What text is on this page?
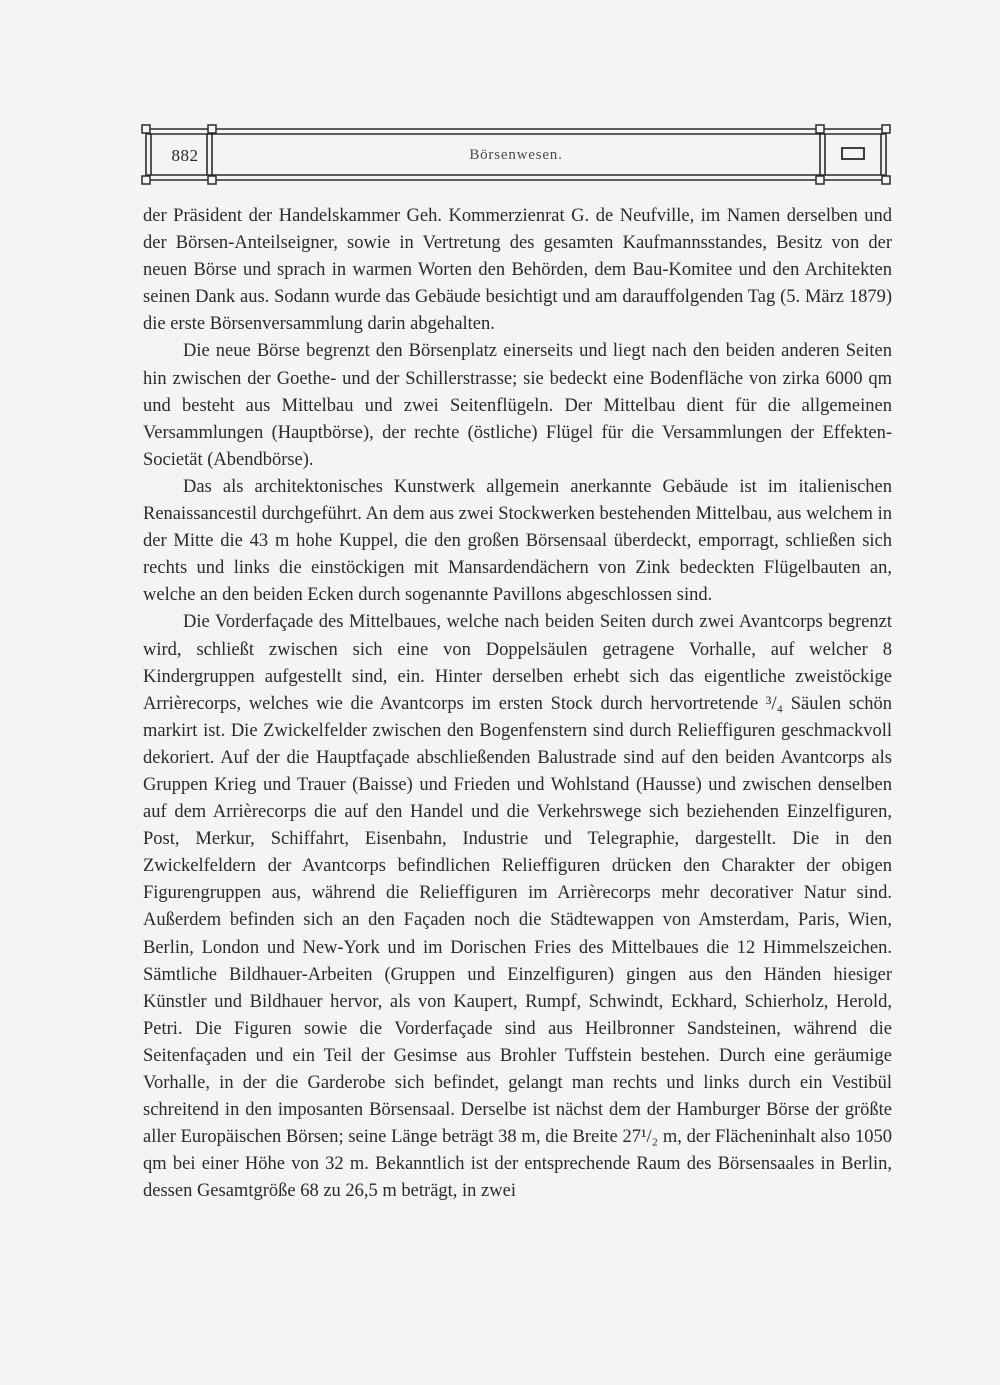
882	Börsenwesen.

der Präsident der Handelskammer Geh. Kommerzienrat G. de Neufville, im Namen derselben und der Börsen-Anteilseigner, sowie in Vertretung des gesamten Kaufmannsstandes, Besitz von der neuen Börse und sprach in warmen Worten den Behörden, dem Bau-Komitee und den Architekten seinen Dank aus. Sodann wurde das Gebäude besichtigt und am darauffolgenden Tag (5. März 1879) die erste Börsenversammlung darin abgehalten.

Die neue Börse begrenzt den Börsenplatz einerseits und liegt nach den beiden anderen Seiten hin zwischen der Goethe- und der Schillerstrasse; sie bedeckt eine Bodenfläche von zirka 6000 qm und besteht aus Mittelbau und zwei Seitenflügeln. Der Mittelbau dient für die allgemeinen Versammlungen (Hauptbörse), der rechte (östliche) Flügel für die Versammlungen der Effekten-Societät (Abendbörse).

Das als architektonisches Kunstwerk allgemein anerkannte Gebäude ist im italienischen Renaissancestil durchgeführt. An dem aus zwei Stockwerken bestehenden Mittelbau, aus welchem in der Mitte die 43 m hohe Kuppel, die den großen Börsensaal überdeckt, emporragt, schließen sich rechts und links die einstöckigen mit Mansardendächern von Zink bedeckten Flügelbauten an, welche an den beiden Ecken durch sogenannte Pavillons abgeschlossen sind.

Die Vorderfaçade des Mittelbaues, welche nach beiden Seiten durch zwei Avantcorps begrenzt wird, schließt zwischen sich eine von Doppelsäulen getragene Vorhalle, auf welcher 8 Kindergruppen aufgestellt sind, ein. Hinter derselben erhebt sich das eigentliche zweistöckige Arrièrecorps, welches wie die Avantcorps im ersten Stock durch hervortretende ³/₄ Säulen schön markirt ist. Die Zwickelfelder zwischen den Bogenfenstern sind durch Relieffiguren geschmackvoll dekoriert. Auf der die Hauptfaçade abschließenden Balustrade sind auf den beiden Avantcorps als Gruppen Krieg und Trauer (Baisse) und Frieden und Wohlstand (Hausse) und zwischen denselben auf dem Arrièrecorps die auf den Handel und die Verkehrswege sich beziehenden Einzelfiguren, Post, Merkur, Schiffahrt, Eisenbahn, Industrie und Telegraphie, dargestellt. Die in den Zwickelfeldern der Avantcorps befindlichen Relieffiguren drücken den Charakter der obigen Figurengruppen aus, während die Relieffiguren im Arrièrecorps mehr decorativer Natur sind. Außerdem befinden sich an den Façaden noch die Städtewappen von Amsterdam, Paris, Wien, Berlin, London und New-York und im Dorischen Fries des Mittelbaues die 12 Himmelszeichen. Sämtliche Bildhauer-Arbeiten (Gruppen und Einzelfiguren) gingen aus den Händen hiesiger Künstler und Bildhauer hervor, als von Kaupert, Rumpf, Schwindt, Eckhard, Schierholz, Herold, Petri. Die Figuren sowie die Vorderfaçade sind aus Heilbronner Sandsteinen, während die Seitenfaçaden und ein Teil der Gesimse aus Brohler Tuffstein bestehen. Durch eine geräumige Vorhalle, in der die Garderobe sich befindet, gelangt man rechts und links durch ein Vestibül schreitend in den imposanten Börsensaal. Derselbe ist nächst dem der Hamburger Börse der größte aller Europäischen Börsen; seine Länge beträgt 38 m, die Breite 27¹/₂ m, der Flächeninhalt also 1050 qm bei einer Höhe von 32 m. Bekanntlich ist der entsprechende Raum des Börsensaales in Berlin, dessen Gesamtgröße 68 zu 26,5 m beträgt, in zwei
